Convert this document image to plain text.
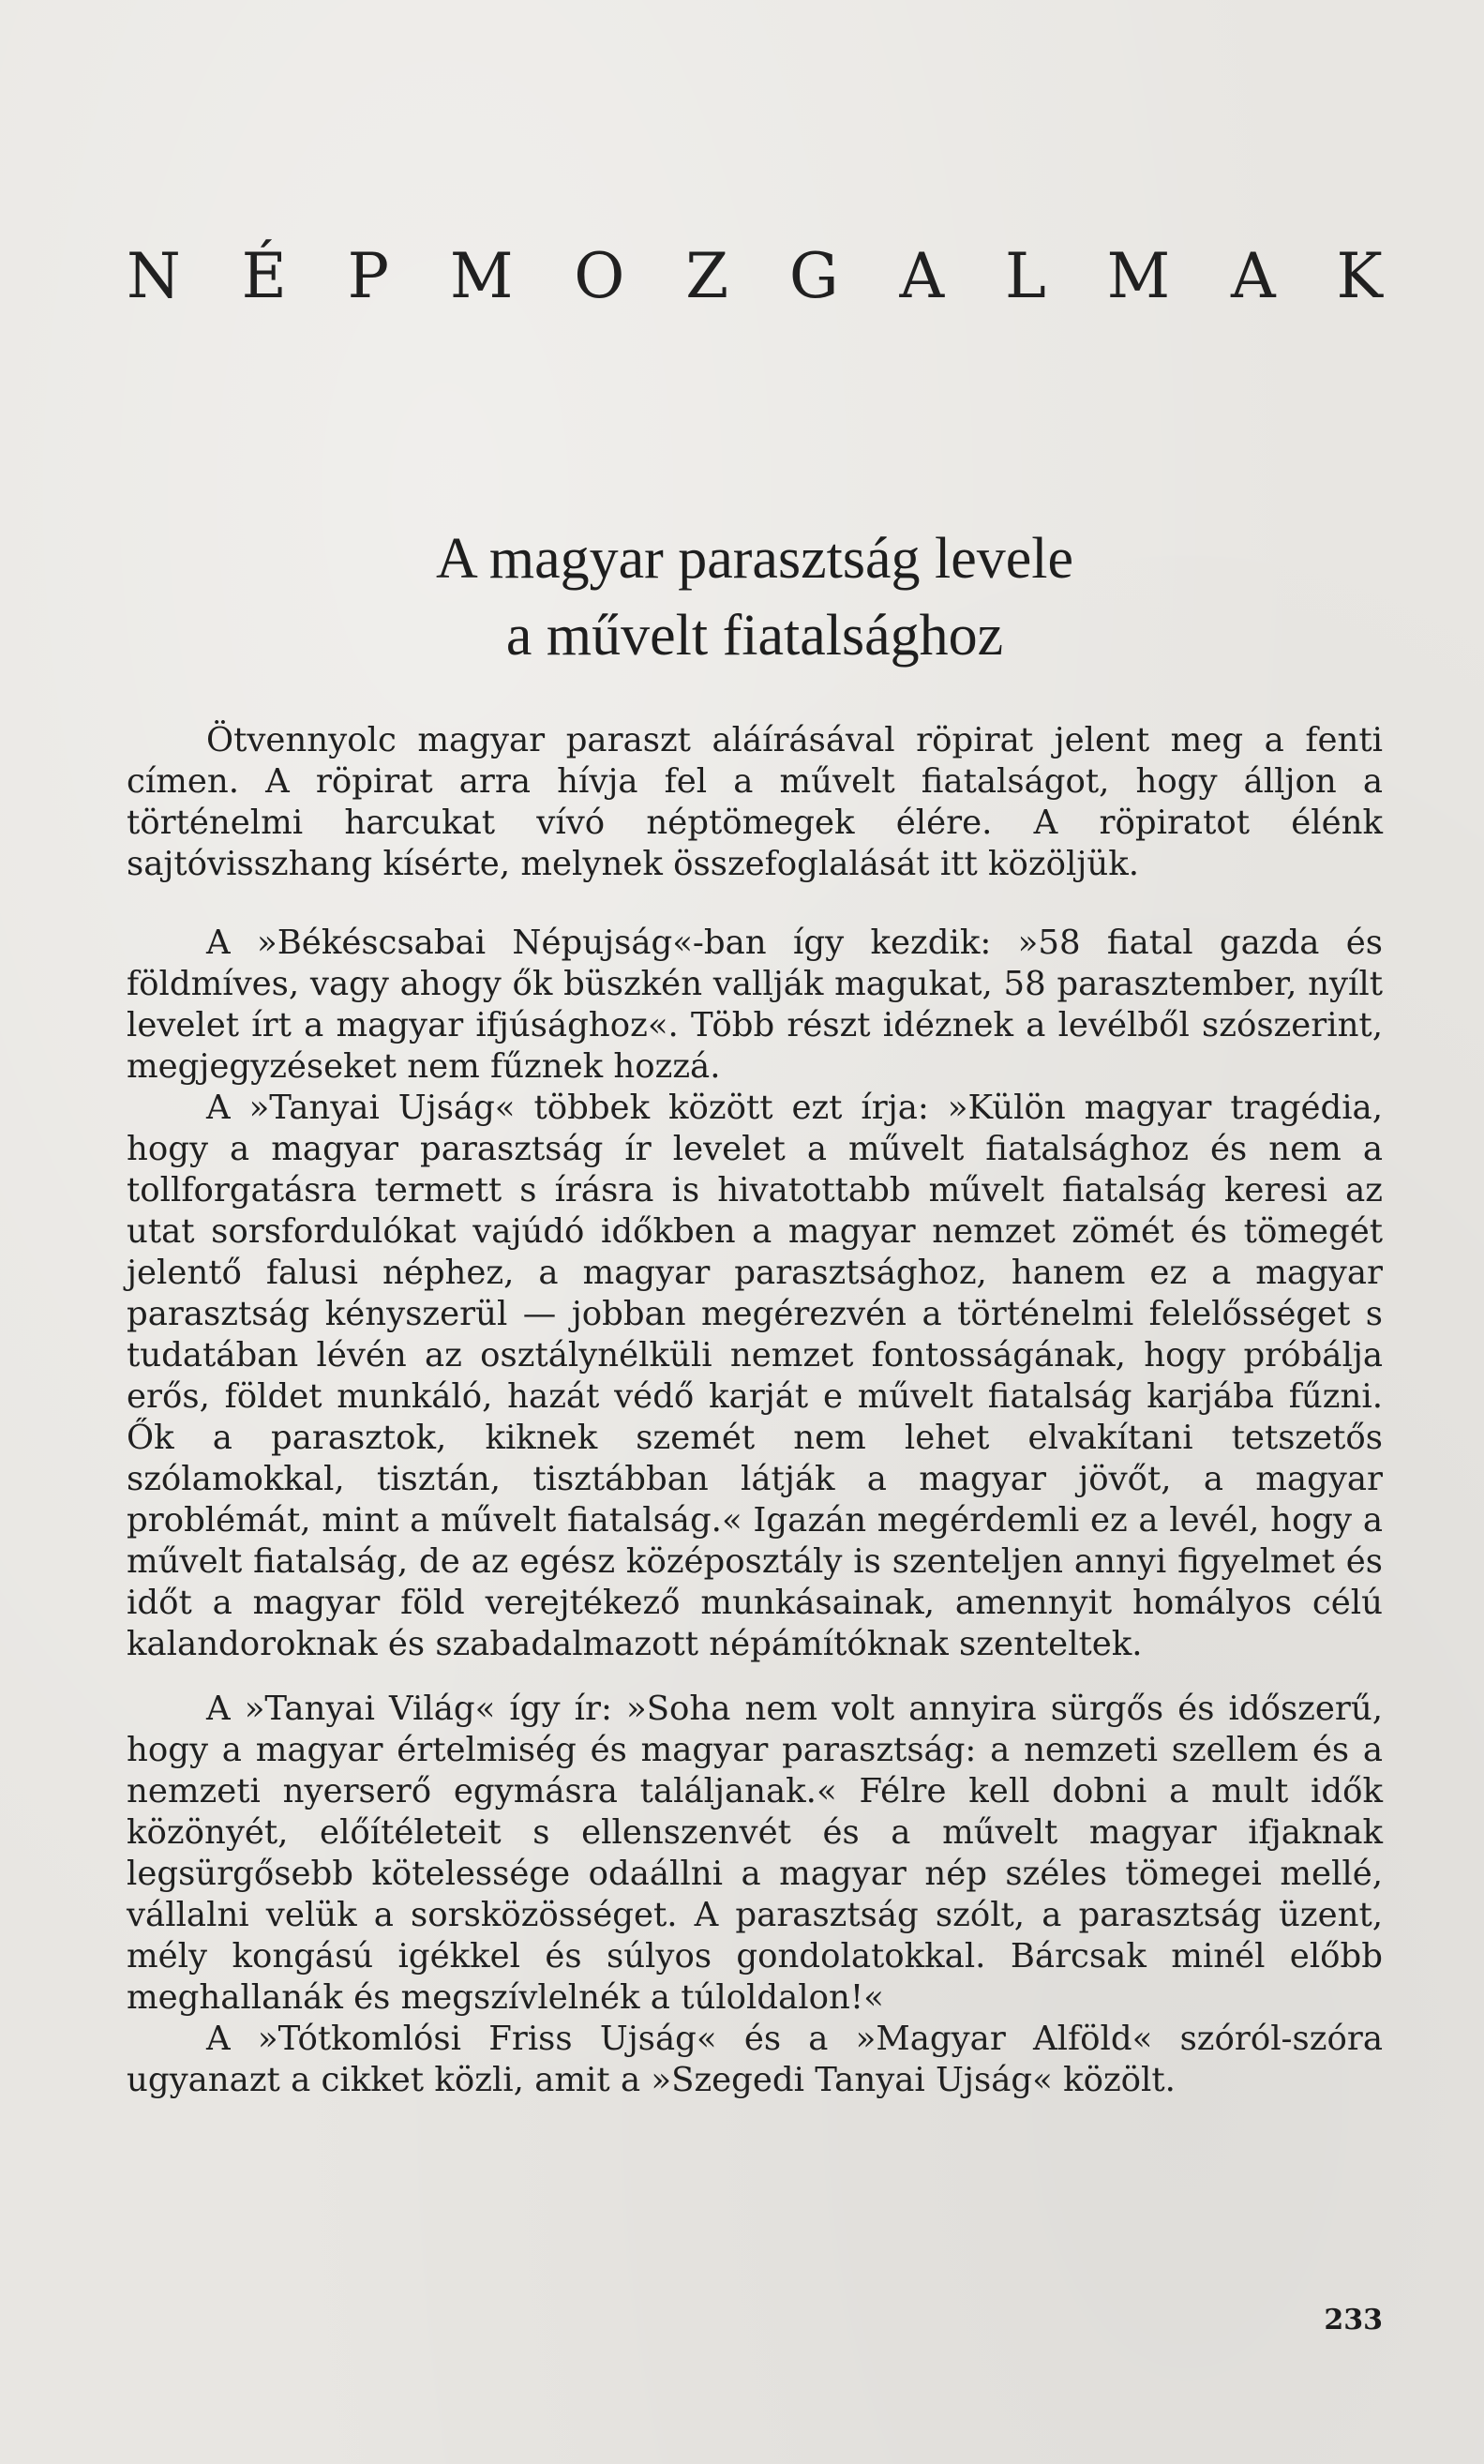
N É P M O Z G A L M A K
A magyar parasztság levele
a művelt fiatalsághoz

Ötvennyolc magyar paraszt aláírásával röpirat jelent meg a fenti címen. A röpirat arra hívja fel a művelt fiatalságot, hogy álljon a történelmi harcukat vívó néptömegek élére. A röpiratot élénk sajtóvisszhang kísérte, melynek összefoglalását itt közöljük.

A »Békéscsabai Népujság«-ban így kezdik: »58 fiatal gazda és földmíves, vagy ahogy ők büszkén vallják magukat, 58 parasztember, nyílt levelet írt a magyar ifjúsághoz«. Több részt idéznek a levélből szószerint, megjegyzéseket nem fűznek hozzá.

A »Tanyai Ujság« többek között ezt írja: »Külön magyar tragédia, hogy a magyar parasztság ír levelet a művelt fiatalsághoz és nem a tollforgatásra termett s írásra is hivatottabb művelt fiatalság keresi az utat sorsfordulókat vajúdó időkben a magyar nemzet zömét és tömegét jelentő falusi néphez, a magyar parasztsághoz, hanem ez a magyar parasztság kényszerül — jobban megérezvén a történelmi felelősséget s tudatában lévén az osztálynélküli nemzet fontosságának, hogy próbálja erős, földet munkáló, hazát védő karját e művelt fiatalság karjába fűzni. Ők a parasztok, kiknek szemét nem lehet elvakítani tetszetős szólamokkal, tisztán, tisztábban látják a magyar jövőt, a magyar problémát, mint a művelt fiatalság.« Igazán megérdemli ez a levél, hogy a művelt fiatalság, de az egész középosztály is szenteljen annyi figyelmet és időt a magyar föld verejtékező munkásainak, amennyit homályos célú kalandoroknak és szabadalmazott népámítóknak szenteltek.

A »Tanyai Világ« így ír: »Soha nem volt annyira sürgős és időszerű, hogy a magyar értelmiség és magyar parasztság: a nemzeti szellem és a nemzeti nyerserő egymásra találjanak.« Félre kell dobni a mult idők közönyét, előítéleteit s ellenszenvét és a művelt magyar ifjaknak legsürgősebb kötelessége odaállni a magyar nép széles tömegei mellé, vállalni velük a sorsközösséget. A parasztság szólt, a parasztság üzent, mély kongású igékkel és súlyos gondolatokkal. Bárcsak minél előbb meghallanák és megszívlelnék a túloldalon!«

A »Tótkomlósi Friss Ujság« és a »Magyar Alföld« szóról-szóra ugyanazt a cikket közli, amit a »Szegedi Tanyai Ujság« közölt.

233
